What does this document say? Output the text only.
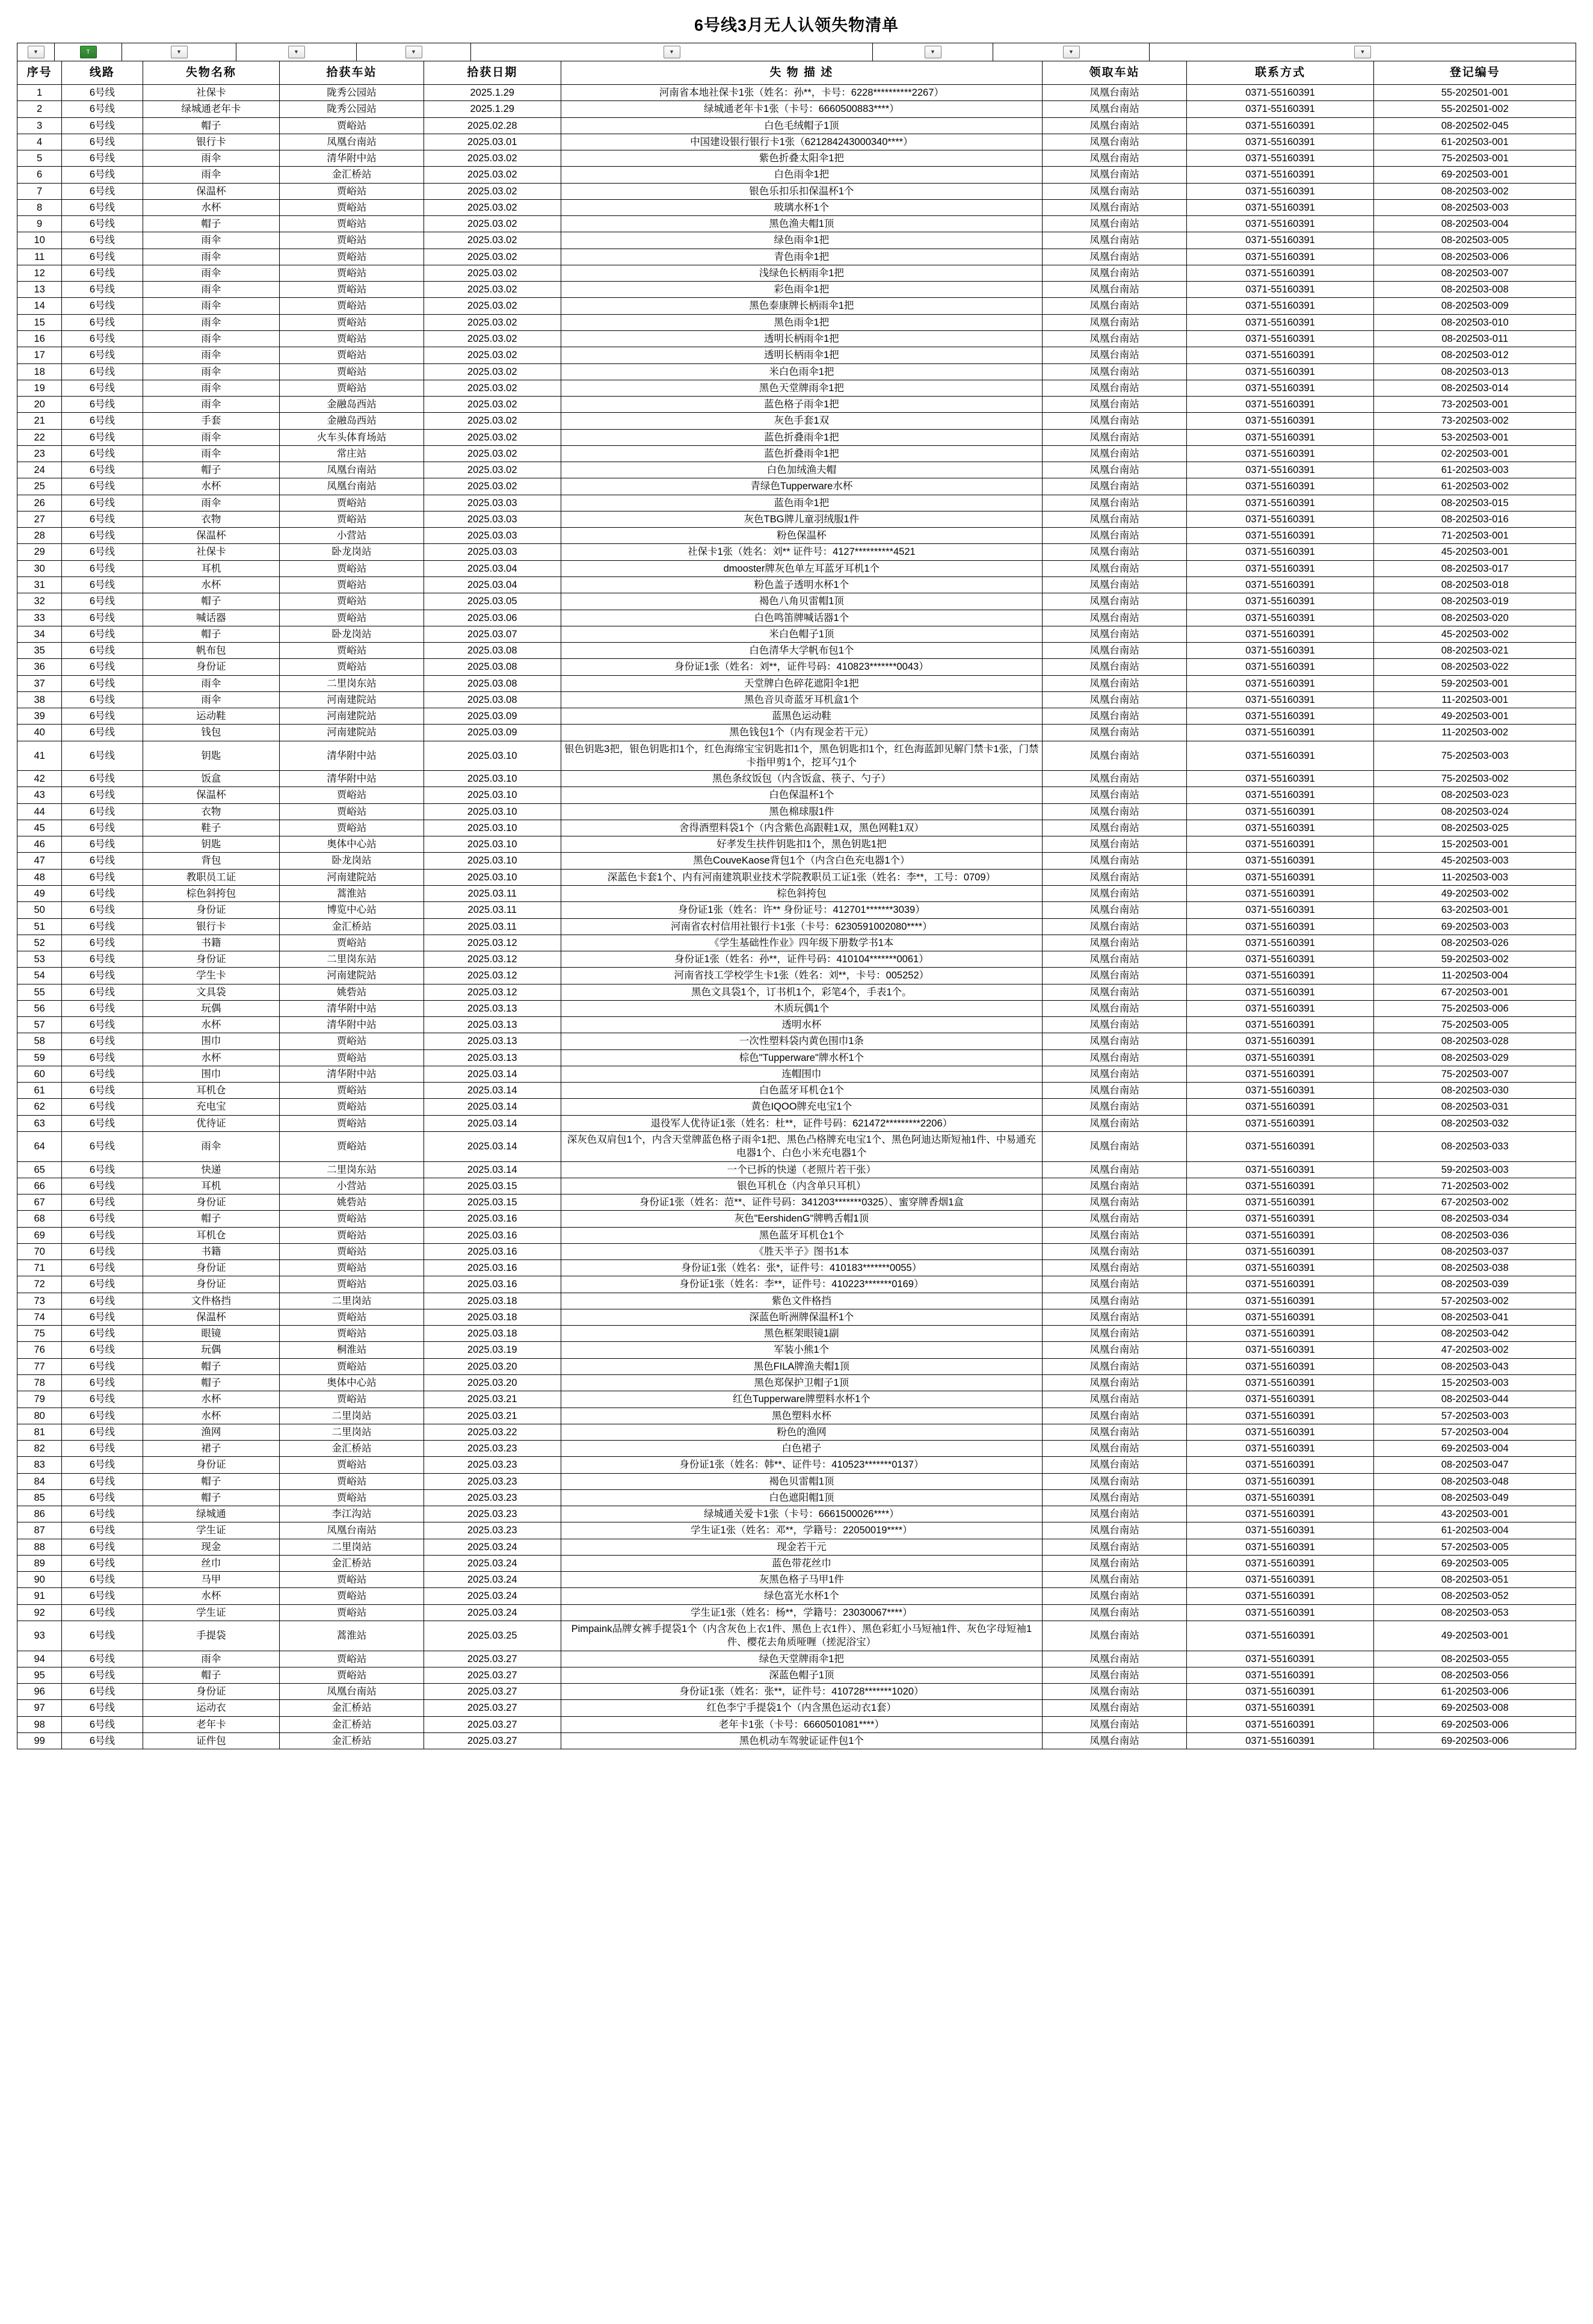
6号线3月无人认领失物清单
▼	T	▼	▼	▼	▼	▼	▼	▼
序号	线路	失物名称	拾获车站	拾获日期	失 物 描 述	领取车站	联系方式	登记编号
1	6号线	社保卡	陇秀公园站	2025.1.29	河南省本地社保卡1张（姓名：孙**，卡号：6228**********2267）	凤凰台南站	0371-55160391	55-202501-001
2	6号线	绿城通老年卡	陇秀公园站	2025.1.29	绿城通老年卡1张（卡号：6660500883****）	凤凰台南站	0371-55160391	55-202501-002
3	6号线	帽子	贾峪站	2025.02.28	白色毛绒帽子1顶	凤凰台南站	0371-55160391	08-202502-045
4	6号线	银行卡	凤凰台南站	2025.03.01	中国建设银行银行卡1张（621284243000340****）	凤凰台南站	0371-55160391	61-202503-001
5	6号线	雨伞	清华附中站	2025.03.02	紫色折叠太阳伞1把	凤凰台南站	0371-55160391	75-202503-001
6	6号线	雨伞	金汇桥站	2025.03.02	白色雨伞1把	凤凰台南站	0371-55160391	69-202503-001
7	6号线	保温杯	贾峪站	2025.03.02	银色乐扣乐扣保温杯1个	凤凰台南站	0371-55160391	08-202503-002
8	6号线	水杯	贾峪站	2025.03.02	玻璃水杯1个	凤凰台南站	0371-55160391	08-202503-003
9	6号线	帽子	贾峪站	2025.03.02	黑色渔夫帽1顶	凤凰台南站	0371-55160391	08-202503-004
10	6号线	雨伞	贾峪站	2025.03.02	绿色雨伞1把	凤凰台南站	0371-55160391	08-202503-005
11	6号线	雨伞	贾峪站	2025.03.02	青色雨伞1把	凤凰台南站	0371-55160391	08-202503-006
12	6号线	雨伞	贾峪站	2025.03.02	浅绿色长柄雨伞1把	凤凰台南站	0371-55160391	08-202503-007
13	6号线	雨伞	贾峪站	2025.03.02	彩色雨伞1把	凤凰台南站	0371-55160391	08-202503-008
14	6号线	雨伞	贾峪站	2025.03.02	黑色泰康牌长柄雨伞1把	凤凰台南站	0371-55160391	08-202503-009
15	6号线	雨伞	贾峪站	2025.03.02	黑色雨伞1把	凤凰台南站	0371-55160391	08-202503-010
16	6号线	雨伞	贾峪站	2025.03.02	透明长柄雨伞1把	凤凰台南站	0371-55160391	08-202503-011
17	6号线	雨伞	贾峪站	2025.03.02	透明长柄雨伞1把	凤凰台南站	0371-55160391	08-202503-012
18	6号线	雨伞	贾峪站	2025.03.02	米白色雨伞1把	凤凰台南站	0371-55160391	08-202503-013
19	6号线	雨伞	贾峪站	2025.03.02	黑色天堂牌雨伞1把	凤凰台南站	0371-55160391	08-202503-014
20	6号线	雨伞	金融岛西站	2025.03.02	蓝色格子雨伞1把	凤凰台南站	0371-55160391	73-202503-001
21	6号线	手套	金融岛西站	2025.03.02	灰色手套1双	凤凰台南站	0371-55160391	73-202503-002
22	6号线	雨伞	火车头体育场站	2025.03.02	蓝色折叠雨伞1把	凤凰台南站	0371-55160391	53-202503-001
23	6号线	雨伞	常庄站	2025.03.02	蓝色折叠雨伞1把	凤凰台南站	0371-55160391	02-202503-001
24	6号线	帽子	凤凰台南站	2025.03.02	白色加绒渔夫帽	凤凰台南站	0371-55160391	61-202503-003
25	6号线	水杯	凤凰台南站	2025.03.02	青绿色Tupperware水杯	凤凰台南站	0371-55160391	61-202503-002
26	6号线	雨伞	贾峪站	2025.03.03	蓝色雨伞1把	凤凰台南站	0371-55160391	08-202503-015
27	6号线	衣物	贾峪站	2025.03.03	灰色TBG牌儿童羽绒服1件	凤凰台南站	0371-55160391	08-202503-016
28	6号线	保温杯	小营站	2025.03.03	粉色保温杯	凤凰台南站	0371-55160391	71-202503-001
29	6号线	社保卡	卧龙岗站	2025.03.03	社保卡1张（姓名：刘** 证件号：4127**********4521	凤凰台南站	0371-55160391	45-202503-001
30	6号线	耳机	贾峪站	2025.03.04	dmooster牌灰色单左耳蓝牙耳机1个	凤凰台南站	0371-55160391	08-202503-017
31	6号线	水杯	贾峪站	2025.03.04	粉色盖子透明水杯1个	凤凰台南站	0371-55160391	08-202503-018
32	6号线	帽子	贾峪站	2025.03.05	褐色八角贝雷帽1顶	凤凰台南站	0371-55160391	08-202503-019
33	6号线	喊话器	贾峪站	2025.03.06	白色鸣笛牌喊话器1个	凤凰台南站	0371-55160391	08-202503-020
34	6号线	帽子	卧龙岗站	2025.03.07	米白色帽子1顶	凤凰台南站	0371-55160391	45-202503-002
35	6号线	帆布包	贾峪站	2025.03.08	白色清华大学帆布包1个	凤凰台南站	0371-55160391	08-202503-021
36	6号线	身份证	贾峪站	2025.03.08	身份证1张（姓名：刘**，证件号码：410823*******0043）	凤凰台南站	0371-55160391	08-202503-022
37	6号线	雨伞	二里岗东站	2025.03.08	天堂牌白色碎花遮阳伞1把	凤凰台南站	0371-55160391	59-202503-001
38	6号线	雨伞	河南建院站	2025.03.08	黑色音贝奇蓝牙耳机盒1个	凤凰台南站	0371-55160391	11-202503-001
39	6号线	运动鞋	河南建院站	2025.03.09	蓝黑色运动鞋	凤凰台南站	0371-55160391	49-202503-001
40	6号线	钱包	河南建院站	2025.03.09	黑色钱包1个（内有现金若干元）	凤凰台南站	0371-55160391	11-202503-002
41	6号线	钥匙	清华附中站	2025.03.10	银色钥匙3把，银色钥匙扣1个，红色海绵宝宝钥匙扣1个，黑色钥匙扣1个，红色海蓝卸见解门禁卡1张，门禁卡指甲剪1个，挖耳勺1个	凤凰台南站	0371-55160391	75-202503-003
42	6号线	饭盒	清华附中站	2025.03.10	黑色条纹饭包（内含饭盒、筷子、勺子）	凤凰台南站	0371-55160391	75-202503-002
43	6号线	保温杯	贾峪站	2025.03.10	白色保温杯1个	凤凰台南站	0371-55160391	08-202503-023
44	6号线	衣物	贾峪站	2025.03.10	黑色棉球服1件	凤凰台南站	0371-55160391	08-202503-024
45	6号线	鞋子	贾峪站	2025.03.10	舍得酒塑料袋1个（内含紫色高跟鞋1双，黑色网鞋1双）	凤凰台南站	0371-55160391	08-202503-025
46	6号线	钥匙	奥体中心站	2025.03.10	好孝发生扶件钥匙扣1个，黑色钥匙1把	凤凰台南站	0371-55160391	15-202503-001
47	6号线	背包	卧龙岗站	2025.03.10	黑色CouveKaose背包1个（内含白色充电器1个）	凤凰台南站	0371-55160391	45-202503-003
48	6号线	教职员工证	河南建院站	2025.03.10	深蓝色卡套1个、内有河南建筑职业技术学院教职员工证1张（姓名：李**，工号：0709）	凤凰台南站	0371-55160391	11-202503-003
49	6号线	棕色斜挎包	蒿淮站	2025.03.11	棕色斜挎包	凤凰台南站	0371-55160391	49-202503-002
50	6号线	身份证	博览中心站	2025.03.11	身份证1张（姓名：许** 身份证号：412701*******3039）	凤凰台南站	0371-55160391	63-202503-001
51	6号线	银行卡	金汇桥站	2025.03.11	河南省农村信用社银行卡1张（卡号：6230591002080****）	凤凰台南站	0371-55160391	69-202503-003
52	6号线	书籍	贾峪站	2025.03.12	《学生基础性作业》四年级下册数学书1本	凤凰台南站	0371-55160391	08-202503-026
53	6号线	身份证	二里岗东站	2025.03.12	身份证1张（姓名：孙**，证件号码：410104*******0061）	凤凰台南站	0371-55160391	59-202503-002
54	6号线	学生卡	河南建院站	2025.03.12	河南省技工学校学生卡1张（姓名：刘**，卡号：005252）	凤凰台南站	0371-55160391	11-202503-004
55	6号线	文具袋	姚砦站	2025.03.12	黑色文具袋1个，订书机1个，彩笔4个，手表1个。	凤凰台南站	0371-55160391	67-202503-001
56	6号线	玩偶	清华附中站	2025.03.13	木质玩偶1个	凤凰台南站	0371-55160391	75-202503-006
57	6号线	水杯	清华附中站	2025.03.13	透明水杯	凤凰台南站	0371-55160391	75-202503-005
58	6号线	围巾	贾峪站	2025.03.13	一次性塑料袋内黄色围巾1条	凤凰台南站	0371-55160391	08-202503-028
59	6号线	水杯	贾峪站	2025.03.13	棕色"Tupperware"牌水杯1个	凤凰台南站	0371-55160391	08-202503-029
60	6号线	围巾	清华附中站	2025.03.14	连帽围巾	凤凰台南站	0371-55160391	75-202503-007
61	6号线	耳机仓	贾峪站	2025.03.14	白色蓝牙耳机仓1个	凤凰台南站	0371-55160391	08-202503-030
62	6号线	充电宝	贾峪站	2025.03.14	黄色IQOO牌充电宝1个	凤凰台南站	0371-55160391	08-202503-031
63	6号线	优待证	贾峪站	2025.03.14	退役军人优待证1张（姓名：杜**，证件号码：621472*********2206）	凤凰台南站	0371-55160391	08-202503-032
64	6号线	雨伞	贾峪站	2025.03.14	深灰色双肩包1个，内含天堂牌蓝色格子雨伞1把、黑色凸格牌充电宝1个、黑色阿迪达斯短袖1件、中易通充电器1个、白色小米充电器1个	凤凰台南站	0371-55160391	08-202503-033
65	6号线	快递	二里岗东站	2025.03.14	一个已拆的快递（老照片若干张）	凤凰台南站	0371-55160391	59-202503-003
66	6号线	耳机	小营站	2025.03.15	银色耳机仓（内含单只耳机）	凤凰台南站	0371-55160391	71-202503-002
67	6号线	身份证	姚砦站	2025.03.15	身份证1张（姓名：范**、证件号码：341203*******0325）、蜜穿牌香烟1盒	凤凰台南站	0371-55160391	67-202503-002
68	6号线	帽子	贾峪站	2025.03.16	灰色"EershidenG"牌鸭舌帽1顶	凤凰台南站	0371-55160391	08-202503-034
69	6号线	耳机仓	贾峪站	2025.03.16	黑色蓝牙耳机仓1个	凤凰台南站	0371-55160391	08-202503-036
70	6号线	书籍	贾峪站	2025.03.16	《胜天半子》图书1本	凤凰台南站	0371-55160391	08-202503-037
71	6号线	身份证	贾峪站	2025.03.16	身份证1张（姓名：张*，证件号：410183*******0055）	凤凰台南站	0371-55160391	08-202503-038
72	6号线	身份证	贾峪站	2025.03.16	身份证1张（姓名：李**，证件号：410223*******0169）	凤凰台南站	0371-55160391	08-202503-039
73	6号线	文件格挡	二里岗站	2025.03.18	紫色文件格挡	凤凰台南站	0371-55160391	57-202503-002
74	6号线	保温杯	贾峪站	2025.03.18	深蓝色昕洲牌保温杯1个	凤凰台南站	0371-55160391	08-202503-041
75	6号线	眼镜	贾峪站	2025.03.18	黑色框架眼镜1副	凤凰台南站	0371-55160391	08-202503-042
76	6号线	玩偶	桐淮站	2025.03.19	军装小熊1个	凤凰台南站	0371-55160391	47-202503-002
77	6号线	帽子	贾峪站	2025.03.20	黑色FILA牌渔夫帽1顶	凤凰台南站	0371-55160391	08-202503-043
78	6号线	帽子	奥体中心站	2025.03.20	黑色郑保护卫帽子1顶	凤凰台南站	0371-55160391	15-202503-003
79	6号线	水杯	贾峪站	2025.03.21	红色Tupperware牌塑料水杯1个	凤凰台南站	0371-55160391	08-202503-044
80	6号线	水杯	二里岗站	2025.03.21	黑色塑料水杯	凤凰台南站	0371-55160391	57-202503-003
81	6号线	渔网	二里岗站	2025.03.22	粉色的渔网	凤凰台南站	0371-55160391	57-202503-004
82	6号线	裙子	金汇桥站	2025.03.23	白色裙子	凤凰台南站	0371-55160391	69-202503-004
83	6号线	身份证	贾峪站	2025.03.23	身份证1张（姓名：韩**、证件号：410523*******0137）	凤凰台南站	0371-55160391	08-202503-047
84	6号线	帽子	贾峪站	2025.03.23	褐色贝雷帽1顶	凤凰台南站	0371-55160391	08-202503-048
85	6号线	帽子	贾峪站	2025.03.23	白色遮阳帽1顶	凤凰台南站	0371-55160391	08-202503-049
86	6号线	绿城通	李江沟站	2025.03.23	绿城通关爱卡1张（卡号：6661500026****）	凤凰台南站	0371-55160391	43-202503-001
87	6号线	学生证	凤凰台南站	2025.03.23	学生证1张（姓名：邓**，学籍号：22050019****）	凤凰台南站	0371-55160391	61-202503-004
88	6号线	现金	二里岗站	2025.03.24	现金若干元	凤凰台南站	0371-55160391	57-202503-005
89	6号线	丝巾	金汇桥站	2025.03.24	蓝色带花丝巾	凤凰台南站	0371-55160391	69-202503-005
90	6号线	马甲	贾峪站	2025.03.24	灰黑色格子马甲1件	凤凰台南站	0371-55160391	08-202503-051
91	6号线	水杯	贾峪站	2025.03.24	绿色富光水杯1个	凤凰台南站	0371-55160391	08-202503-052
92	6号线	学生证	贾峪站	2025.03.24	学生证1张（姓名：杨**，学籍号：23030067****）	凤凰台南站	0371-55160391	08-202503-053
93	6号线	手提袋	蒿淮站	2025.03.25	Pimpaink品牌女裤手提袋1个（内含灰色上衣1件、黑色上衣1件）、黑色彩虹小马短袖1件、灰色字母短袖1件、樱花去角质哑喱（搓泥浴宝）	凤凰台南站	0371-55160391	49-202503-001
94	6号线	雨伞	贾峪站	2025.03.27	绿色天堂牌雨伞1把	凤凰台南站	0371-55160391	08-202503-055
95	6号线	帽子	贾峪站	2025.03.27	深蓝色帽子1顶	凤凰台南站	0371-55160391	08-202503-056
96	6号线	身份证	凤凰台南站	2025.03.27	身份证1张（姓名：张**，证件号：410728*******1020）	凤凰台南站	0371-55160391	61-202503-006
97	6号线	运动衣	金汇桥站	2025.03.27	红色李宁手提袋1个（内含黑色运动衣1套）	凤凰台南站	0371-55160391	69-202503-008
98	6号线	老年卡	金汇桥站	2025.03.27	老年卡1张（卡号：6660501081****）	凤凰台南站	0371-55160391	69-202503-006
99	6号线	证件包	金汇桥站	2025.03.27	黑色机动车驾驶证证件包1个	凤凰台南站	0371-55160391	69-202503-006
